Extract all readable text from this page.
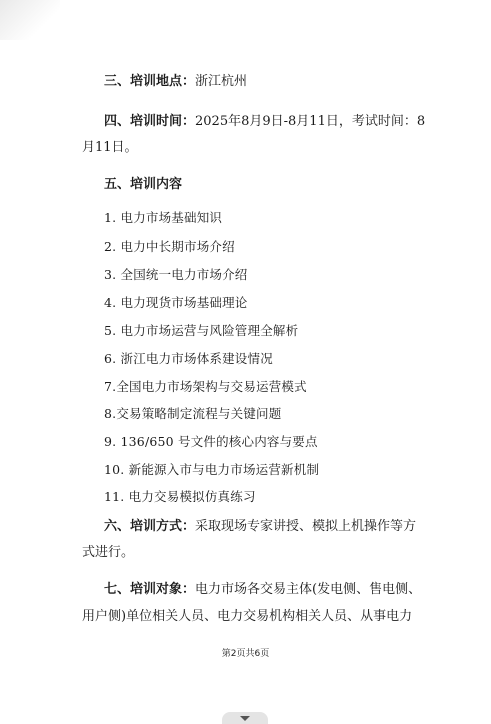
三、培训地点：浙江杭州
四、培训时间：2025年8月9日-8月11日，考试时间：8
月11日。
五、培训内容
1. 电力市场基础知识
2. 电力中长期市场介绍
3. 全国统一电力市场介绍
4. 电力现货市场基础理论
5. 电力市场运营与风险管理全解析
6. 浙江电力市场体系建设情况
7.全国电力市场架构与交易运营模式
8.交易策略制定流程与关键问题
9. 136/650 号文件的核心内容与要点
10. 新能源入市与电力市场运营新机制
11. 电力交易模拟仿真练习
六、培训方式：采取现场专家讲授、模拟上机操作等方
式进行。
七、培训对象：电力市场各交易主体(发电侧、售电侧、
用户侧)单位相关人员、电力交易机构相关人员、从事电力
第2页共6页
